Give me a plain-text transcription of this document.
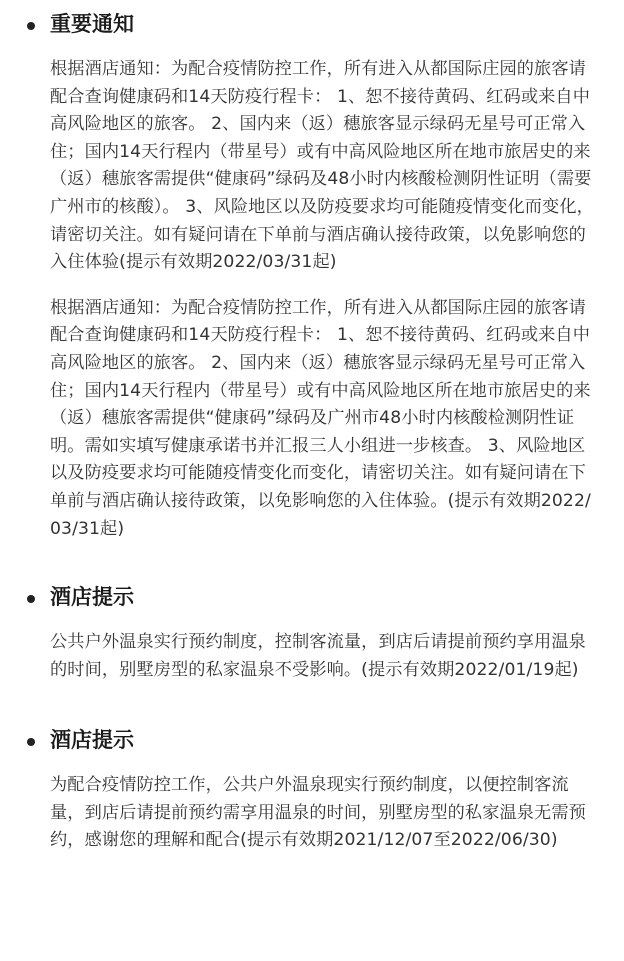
重要通知

根据酒店通知：为配合疫情防控工作，所有进入从都国际庄园的旅客请配合查询健康码和14天防疫行程卡： 1、恕不接待黄码、红码或来自中高风险地区的旅客。 2、国内来（返）穗旅客显示绿码无星号可正常入住；国内14天行程内（带星号）或有中高风险地区所在地市旅居史的来（返）穗旅客需提供“健康码”绿码及48小时内核酸检测阴性证明（需要广州市的核酸）。 3、风险地区以及防疫要求均可能随疫情变化而变化，请密切关注。如有疑问请在下单前与酒店确认接待政策，以免影响您的入住体验(提示有效期2022/03/31起)

根据酒店通知：为配合疫情防控工作，所有进入从都国际庄园的旅客请配合查询健康码和14天防疫行程卡： 1、恕不接待黄码、红码或来自中高风险地区的旅客。 2、国内来（返）穗旅客显示绿码无星号可正常入住；国内14天行程内（带星号）或有中高风险地区所在地市旅居史的来（返）穗旅客需提供“健康码”绿码及广州市48小时内核酸检测阴性证明。需如实填写健康承诺书并汇报三人小组进一步核查。 3、风险地区以及防疫要求均可能随疫情变化而变化，请密切关注。如有疑问请在下单前与酒店确认接待政策，以免影响您的入住体验。(提示有效期2022/03/31起)

酒店提示

公共户外温泉实行预约制度，控制客流量，到店后请提前预约享用温泉的时间，别墅房型的私家温泉不受影响。(提示有效期2022/01/19起)

酒店提示

为配合疫情防控工作，公共户外温泉现实行预约制度，以便控制客流量，到店后请提前预约需享用温泉的时间，别墅房型的私家温泉无需预约，感谢您的理解和配合(提示有效期2021/12/07至2022/06/30)
